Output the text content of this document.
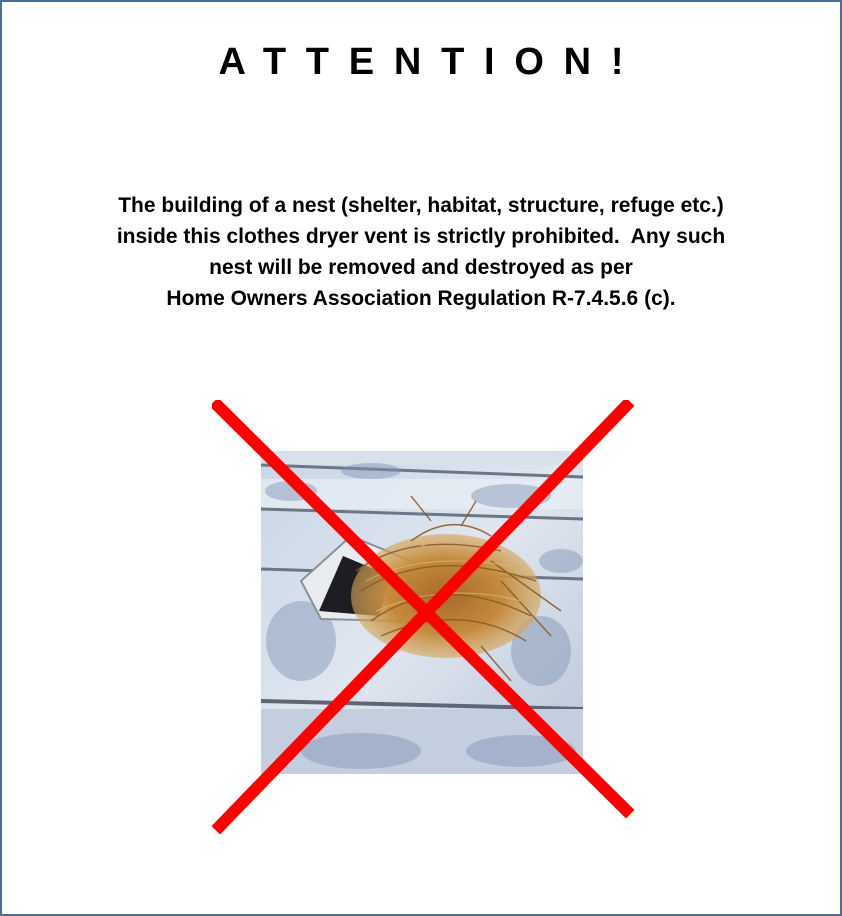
ATTENTION!
The building of a nest (shelter, habitat, structure, refuge etc.)
inside this clothes dryer vent is strictly prohibited.  Any such
nest will be removed and destroyed as per
Home Owners Association Regulation R-7.4.5.6 (c).
